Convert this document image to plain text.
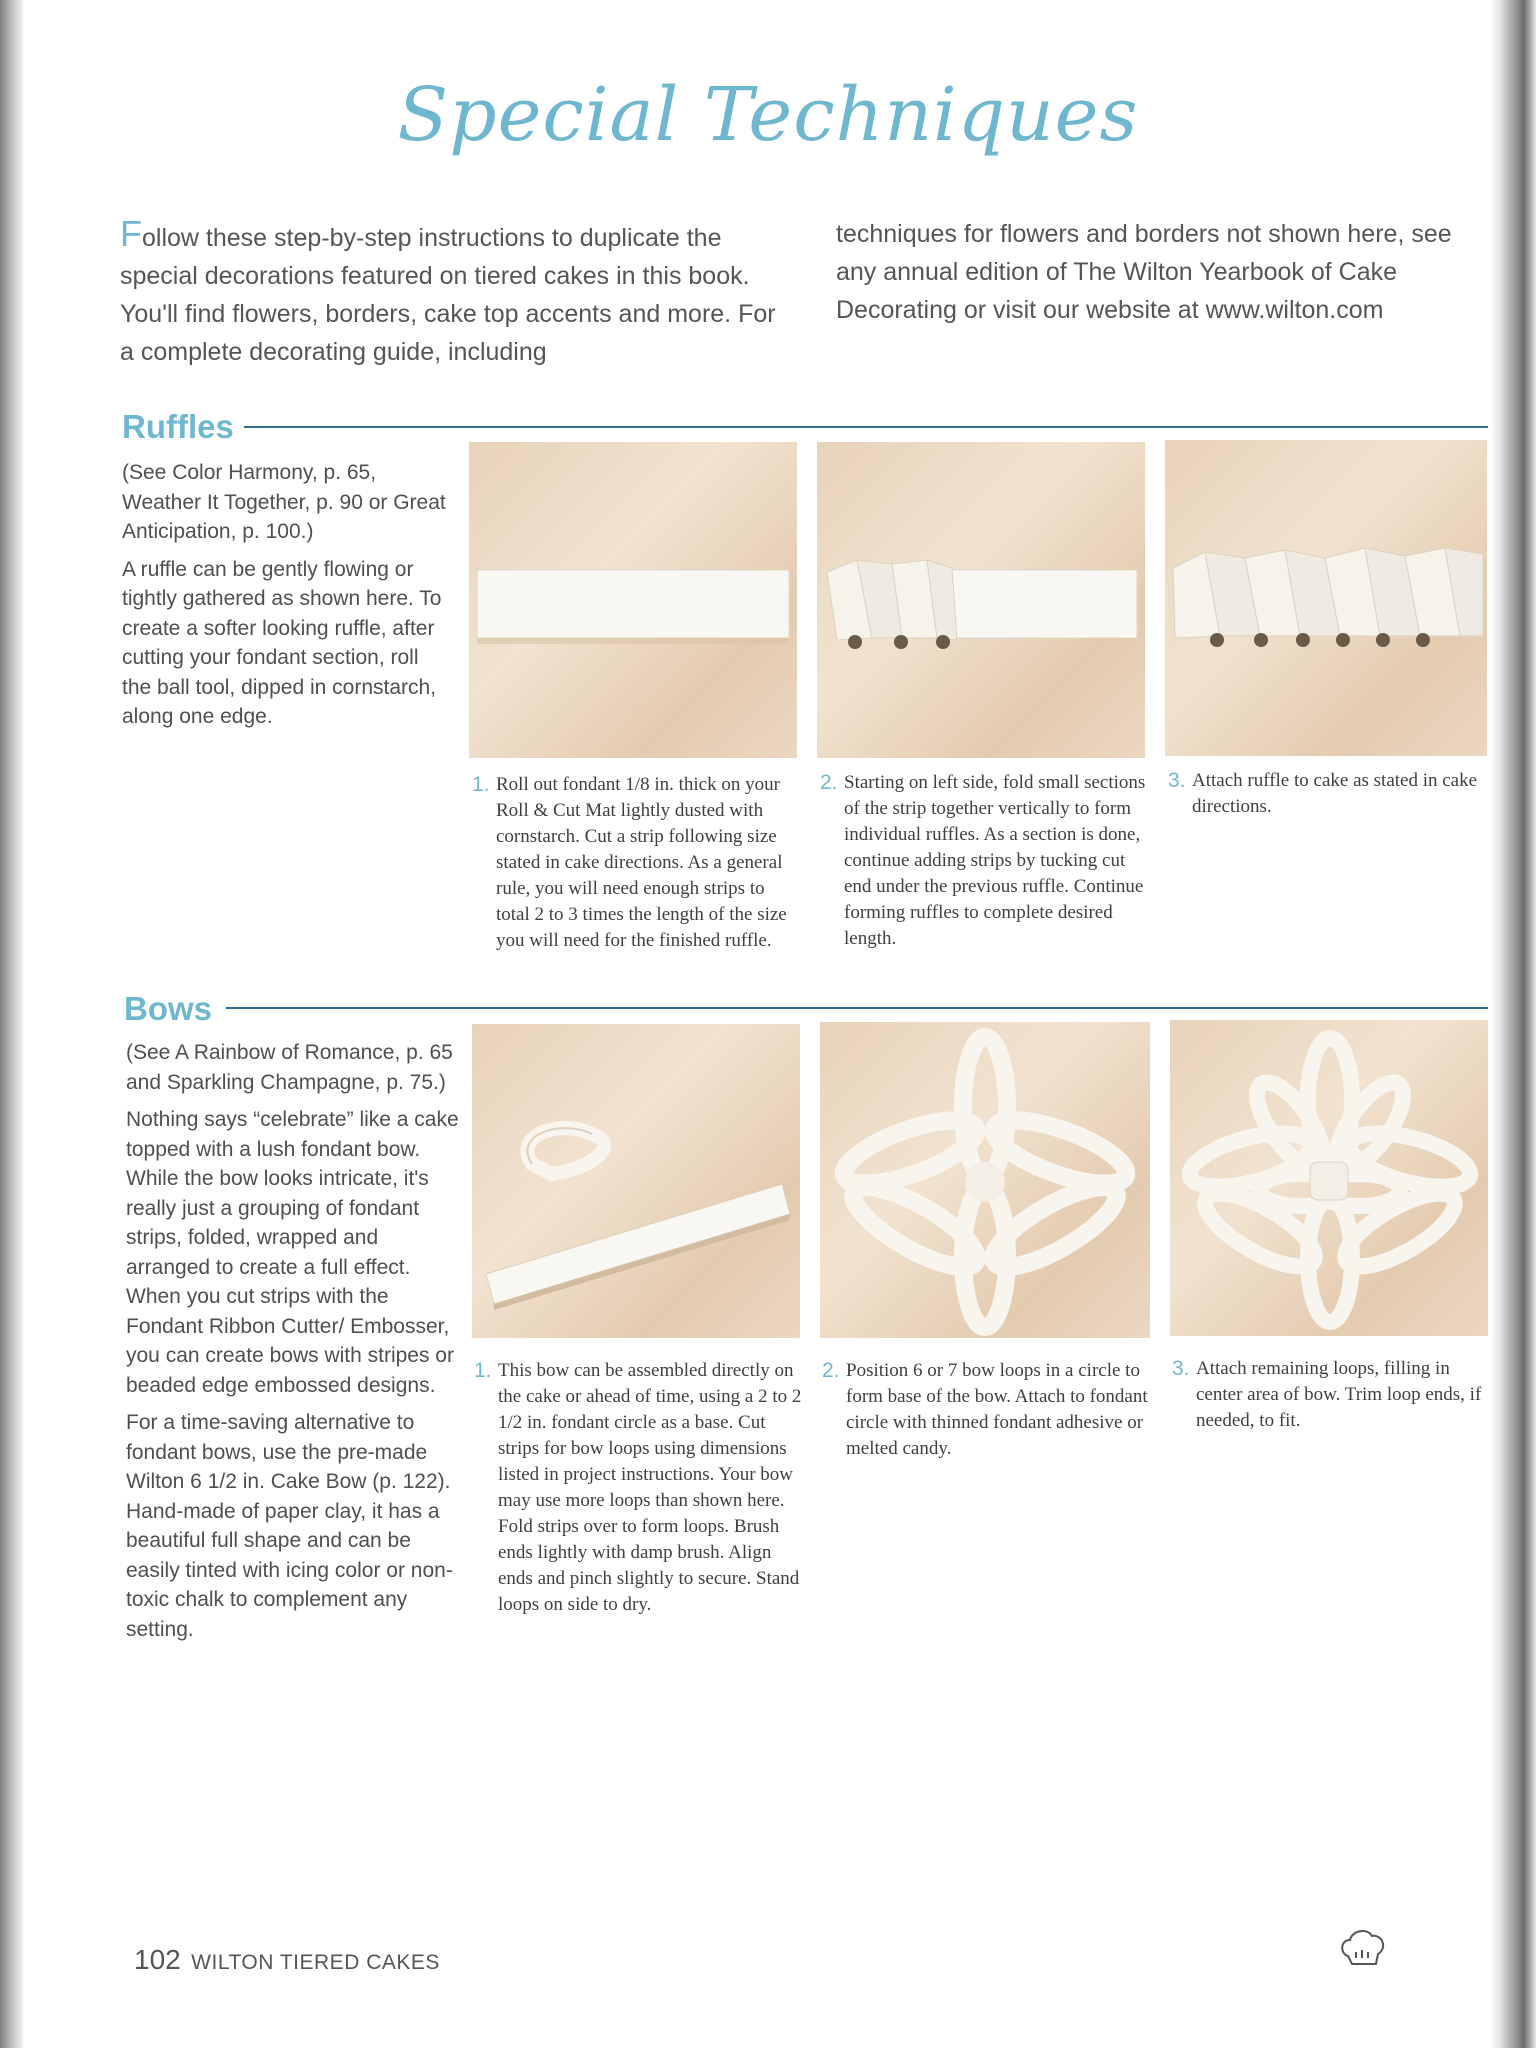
Special Techniques
Follow these step-by-step instructions to duplicate the special decorations featured on tiered cakes in this book. You'll find flowers, borders, cake top accents and more. For a complete decorating guide, including
techniques for flowers and borders not shown here, see any annual edition of The Wilton Yearbook of Cake Decorating or visit our website at www.wilton.com
Ruffles

(See Color Harmony, p. 65, Weather It Together, p. 90 or Great Anticipation, p. 100.)

A ruffle can be gently flowing or tightly gathered as shown here. To create a softer looking ruffle, after cutting your fondant section, roll the ball tool, dipped in cornstarch, along one edge.

1. Roll out fondant 1/8 in. thick on your Roll & Cut Mat lightly dusted with cornstarch. Cut a strip following size stated in cake directions. As a general rule, you will need enough strips to total 2 to 3 times the length of the size you will need for the finished ruffle.
2. Starting on left side, fold small sections of the strip together vertically to form individual ruffles. As a section is done, continue adding strips by tucking cut end under the previous ruffle. Continue forming ruffles to complete desired length.
3. Attach ruffle to cake as stated in cake directions.
Bows

(See A Rainbow of Romance, p. 65 and Sparkling Champagne, p. 75.)

Nothing says “celebrate” like a cake topped with a lush fondant bow. While the bow looks intricate, it's really just a grouping of fondant strips, folded, wrapped and arranged to create a full effect. When you cut strips with the Fondant Ribbon Cutter/ Embosser, you can create bows with stripes or beaded edge embossed designs.

For a time-saving alternative to fondant bows, use the pre-made Wilton 6 1/2 in. Cake Bow (p. 122). Hand-made of paper clay, it has a beautiful full shape and can be easily tinted with icing color or non-toxic chalk to complement any setting.

1. This bow can be assembled directly on the cake or ahead of time, using a 2 to 2 1/2 in. fondant circle as a base. Cut strips for bow loops using dimensions listed in project instructions. Your bow may use more loops than shown here. Fold strips over to form loops. Brush ends lightly with damp brush. Align ends and pinch slightly to secure. Stand loops on side to dry.
2. Position 6 or 7 bow loops in a circle to form base of the bow. Attach to fondant circle with thinned fondant adhesive or melted candy.
3. Attach remaining loops, filling in center area of bow. Trim loop ends, if needed, to fit.
102 WILTON TIERED CAKES
